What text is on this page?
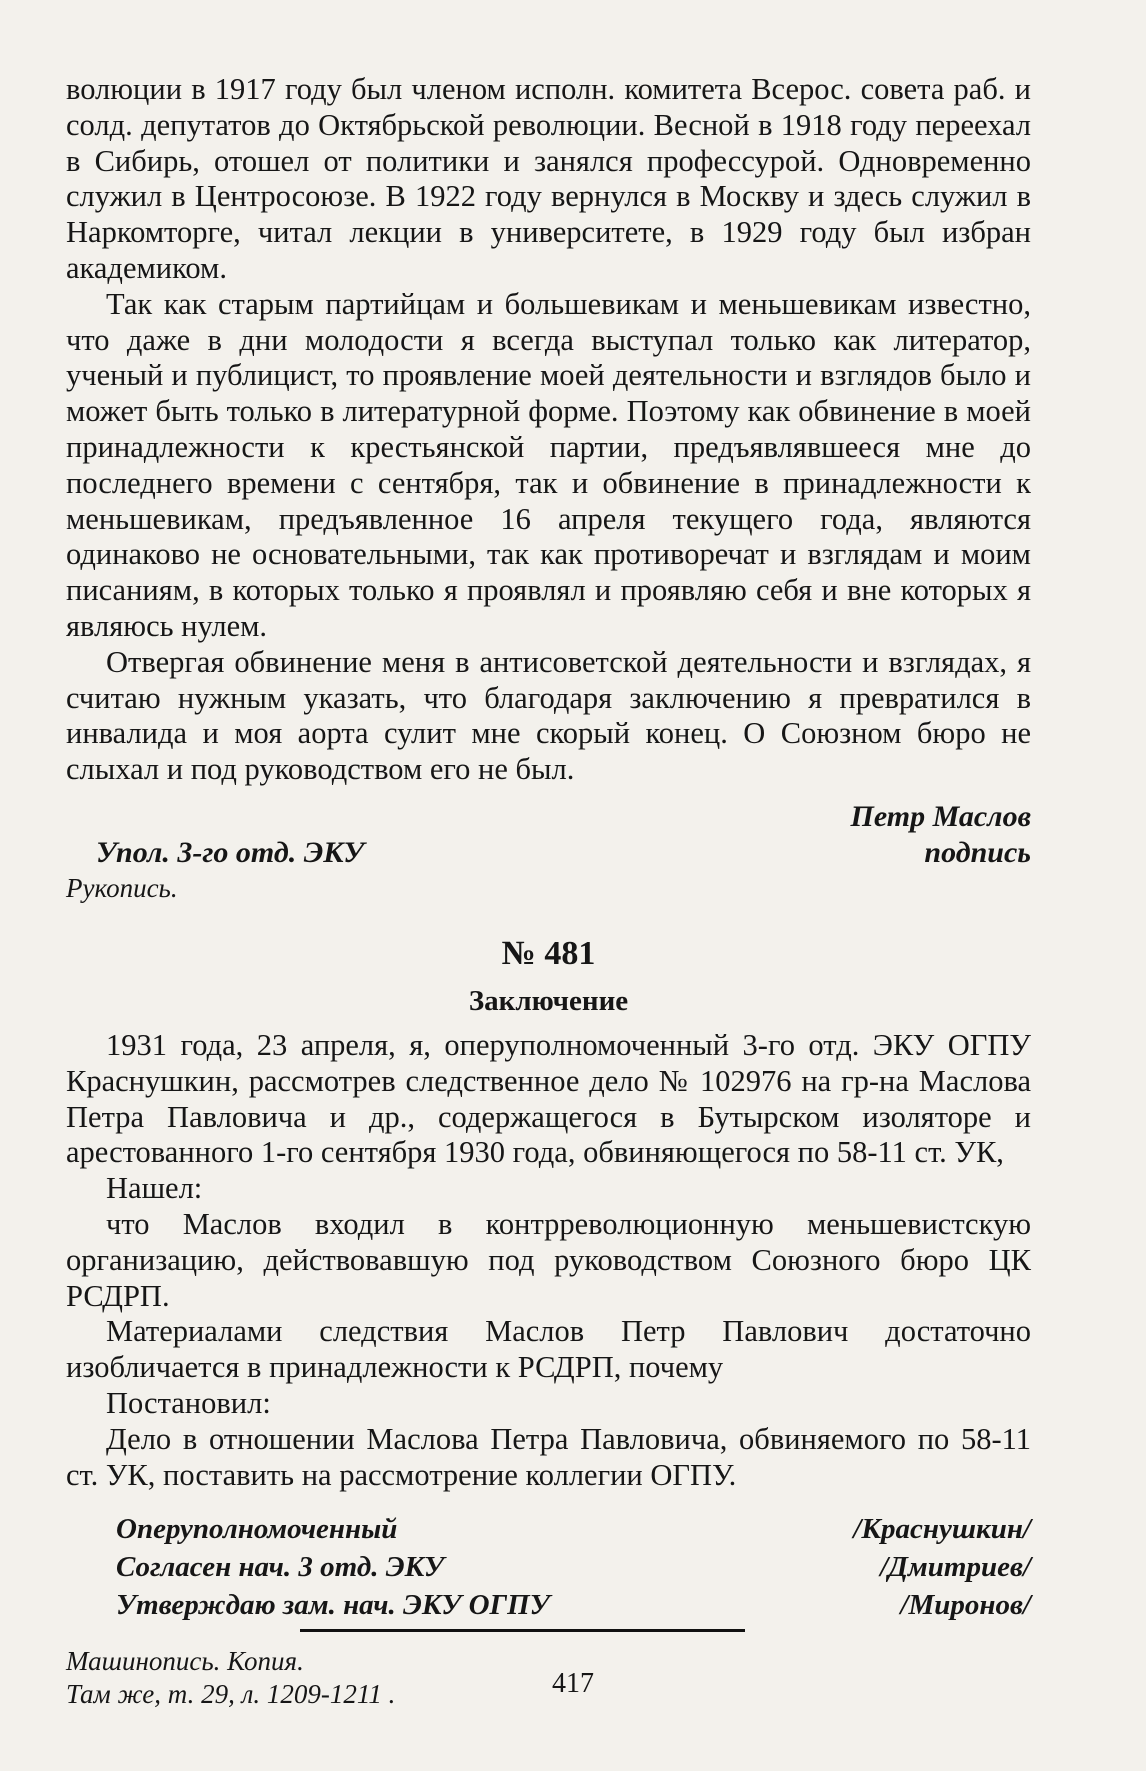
волюции в 1917 году был членом исполн. комитета Всерос. совета раб. и солд. депутатов до Октябрьской революции. Весной в 1918 году переехал в Сибирь, отошел от политики и занялся профессурой. Одновременно служил в Центросоюзе. В 1922 году вернулся в Москву и здесь служил в Наркомторге, читал лекции в университете, в 1929 году был избран академиком.

Так как старым партийцам и большевикам и меньшевикам известно, что даже в дни молодости я всегда выступал только как литератор, ученый и публицист, то проявление моей деятельности и взглядов было и может быть только в литературной форме. Поэтому как обвинение в моей принадлежности к крестьянской партии, предъявлявшееся мне до последнего времени с сентября, так и обвинение в принадлежности к меньшевикам, предъявленное 16 апреля текущего года, являются одинаково не основательными, так как противоречат и взглядам и моим писаниям, в которых только я проявлял и проявляю себя и вне которых я являюсь нулем.

Отвергая обвинение меня в антисоветской деятельности и взглядах, я считаю нужным указать, что благодаря заключению я превратился в инвалида и моя аорта сулит мне скорый конец. О Союзном бюро не слыхал и под руководством его не был.

Петр Маслов
Упол. 3-го отд. ЭКУ	подпись
Рукопись.
№ 481
Заключение

1931 года, 23 апреля, я, оперуполномоченный 3-го отд. ЭКУ ОГПУ Краснушкин, рассмотрев следственное дело № 102976 на гр-на Маслова Петра Павловича и др., содержащегося в Бутырском изоляторе и арестованного 1-го сентября 1930 года, обвиняющегося по 58-11 ст. УК,

Нашел:

что Маслов входил в контрреволюционную меньшевистскую организацию, действовавшую под руководством Союзного бюро ЦК РСДРП.

Материалами следствия Маслов Петр Павлович достаточно изобличается в принадлежности к РСДРП, почему

Постановил:

Дело в отношении Маслова Петра Павловича, обвиняемого по 58-11 ст. УК, поставить на рассмотрение коллегии ОГПУ.

Оперуполномоченный	/Краснушкин/
Согласен нач. 3 отд. ЭКУ	/Дмитриев/
Утверждаю зам. нач. ЭКУ ОГПУ	/Миронов/
Машинопись. Копия.
Там же, т. 29, л. 1209-1211 .	417
